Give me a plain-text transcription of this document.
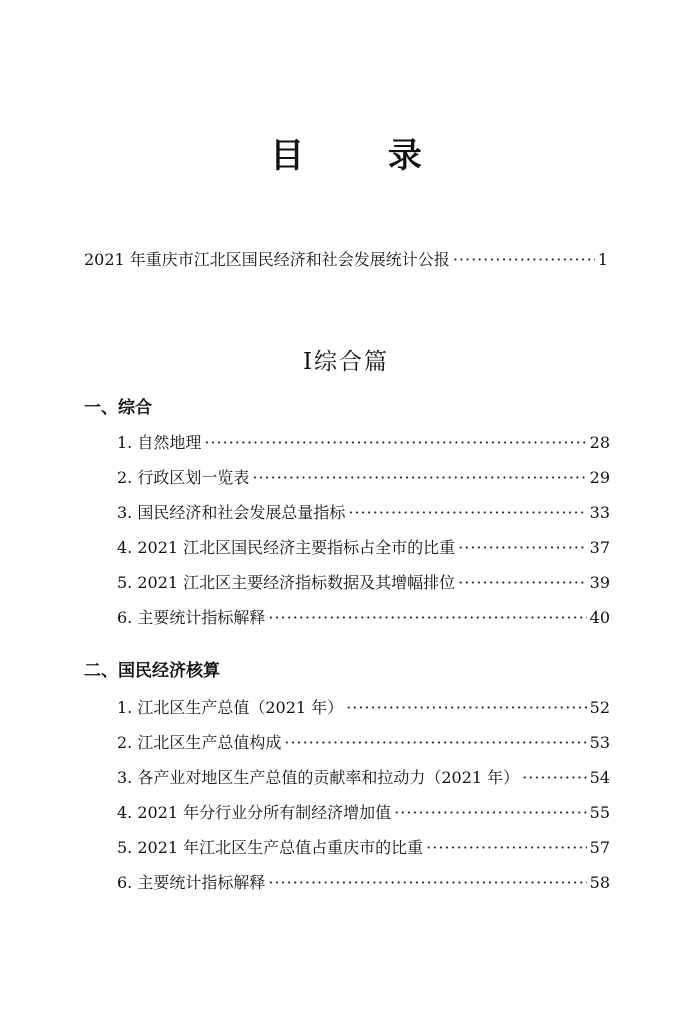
目 录
2021 年重庆市江北区国民经济和社会发展统计公报 ·····	1
Ⅰ综合篇
一、综合
1. 自然地理 ·····	28
2. 行政区划一览表 ·····	29
3. 国民经济和社会发展总量指标 ·····	33
4. 2021 江北区国民经济主要指标占全市的比重 ·····	37
5. 2021 江北区主要经济指标数据及其增幅排位 ·····	39
6. 主要统计指标解释 ·····	40
二、国民经济核算
1. 江北区生产总值（2021 年） ·····	52
2. 江北区生产总值构成 ·····	53
3. 各产业对地区生产总值的贡献率和拉动力（2021 年） ·····	54
4. 2021 年分行业分所有制经济增加值 ·····	55
5. 2021 年江北区生产总值占重庆市的比重 ·····	57
6. 主要统计指标解释 ·····	58
